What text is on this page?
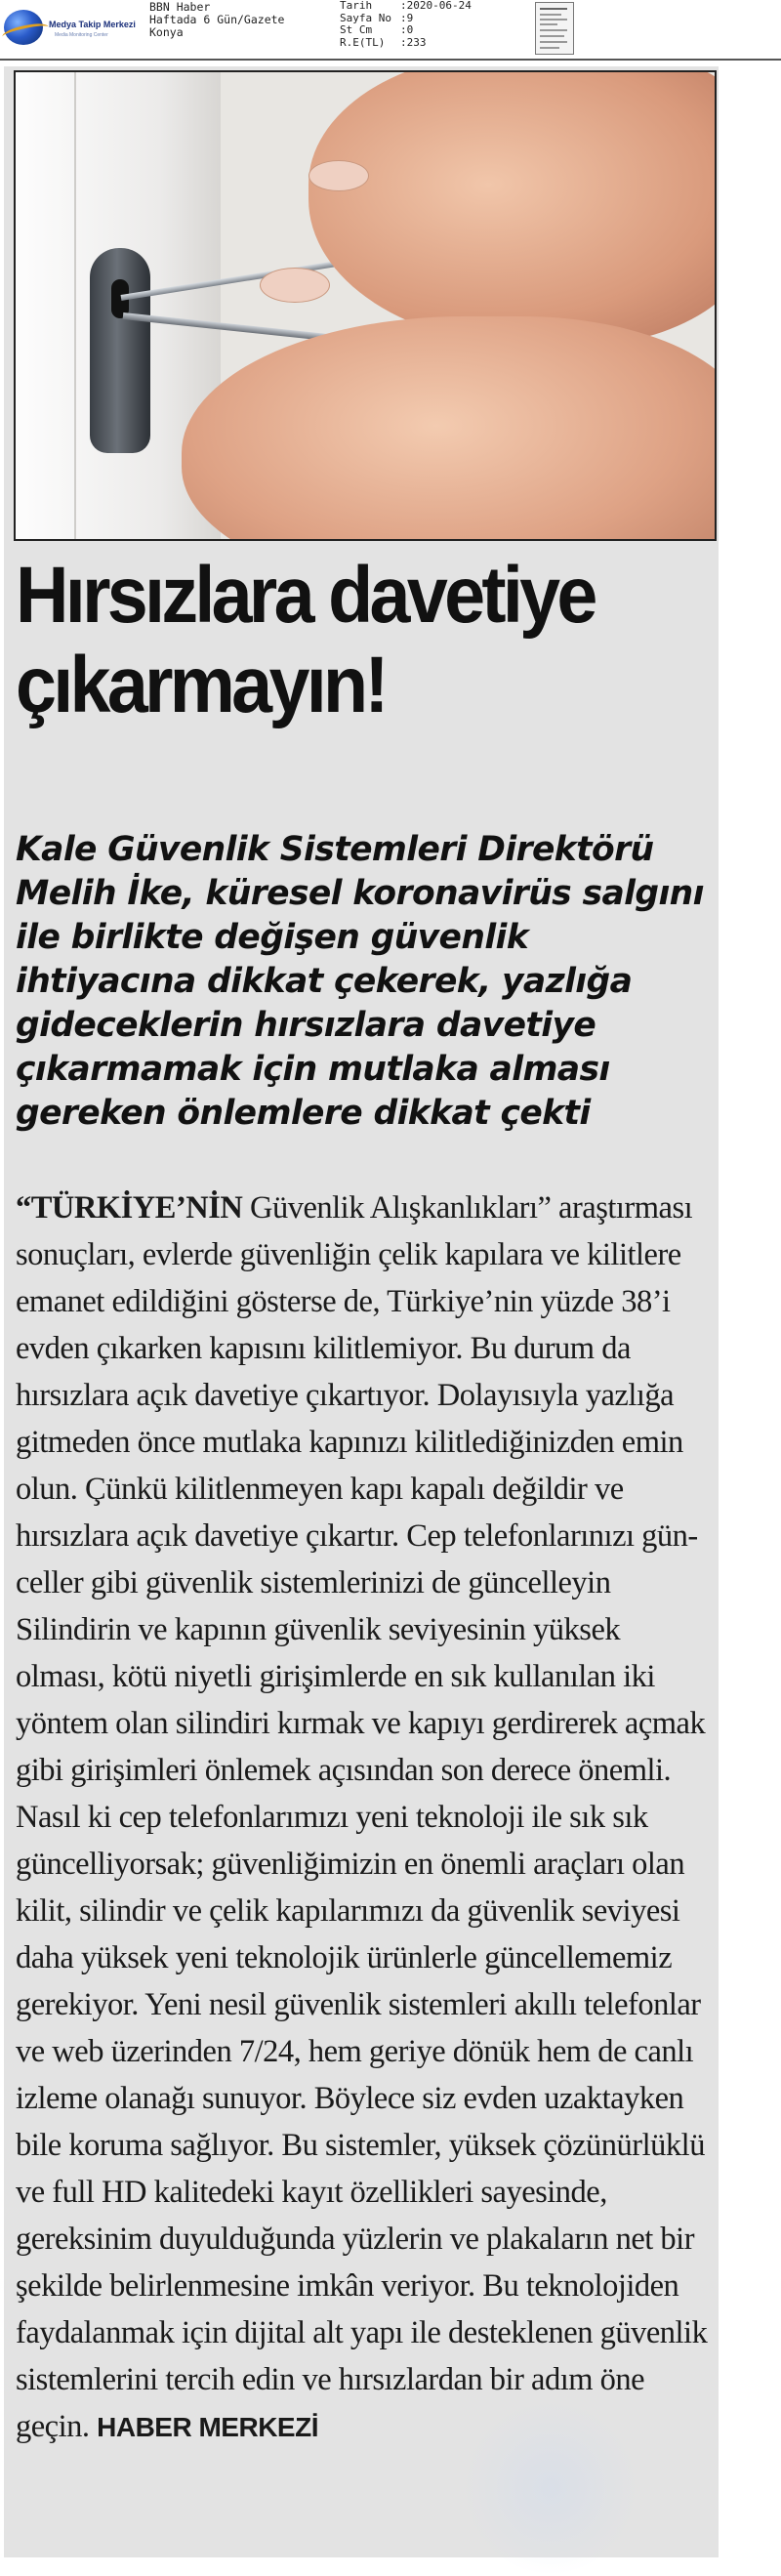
Medya Takip Merkezi
Media Monitoring Center
BBN Haber
Haftada 6 Gün/Gazete
Konya
Tarih	:2020-06-24
Sayfa No :9
St Cm	:0
R.E(TL)	:233
Hırsızlara davetiye çıkarmayın!

Kale Güvenlik Sistemleri Direktörü Melih İke, küresel koronavirüs salgını ile birlikte değişen güvenlik ihtiyacına dikkat çekerek, yazlığa gideceklerin hırsızlara davetiye çıkarmamak için mutlaka alması gereken önlemlere dikkat çekti

“TÜRKİYE’NİN Güvenlik Alışkanlıkları” araştırması sonuçları, evlerde güvenliğin çelik kapılara ve kilitlere emanet edildiğini gösterse de, Türkiye’nin yüzde 38’i evden çıkarken kapısını kilitlemiyor. Bu durum da hırsızlara açık davetiye çıkartıyor. Dolayısıyla yazlığa gitmeden önce mutlaka kapınızı kilitlediğinizden emin olun. Çünkü kilitlenmeyen kapı kapalı değildir ve hırsızlara açık davetiye çıkartır. Cep telefonlarınızı günceller gibi güvenlik sistemlerinizi de güncelleyin Silindirin ve kapının güvenlik seviyesinin yüksek olması, kötü niyetli girişimlerde en sık kullanılan iki yöntem olan silindiri kırmak ve kapıyı gerdirerek açmak gibi girişimleri önlemek açısından son derece önemli. Nasıl ki cep telefonlarımızı yeni teknoloji ile sık sık güncelliyorsak; güvenliğimizin en önemli araçları olan kilit, silindir ve çelik kapılarımızı da güvenlik seviyesi daha yüksek yeni teknolojik ürünlerle güncellememiz gerekiyor. Yeni nesil güvenlik sistemleri akıllı telefonlar ve web üzerinden 7/24, hem geriye dönük hem de canlı izleme olanağı sunuyor. Böylece siz evden uzaktayken bile koruma sağlıyor. Bu sistemler, yüksek çözünürlüklü ve full HD kalitedeki kayıt özellikleri sayesinde, gereksinim duyulduğunda yüzlerin ve plakaların net bir şekilde belirlenmesine imkân veriyor. Bu teknolojiden faydalanmak için dijital alt yapı ile desteklenen güvenlik sistemlerini tercih edin ve hırsızlardan bir adım öne geçin. HABER MERKEZİ
